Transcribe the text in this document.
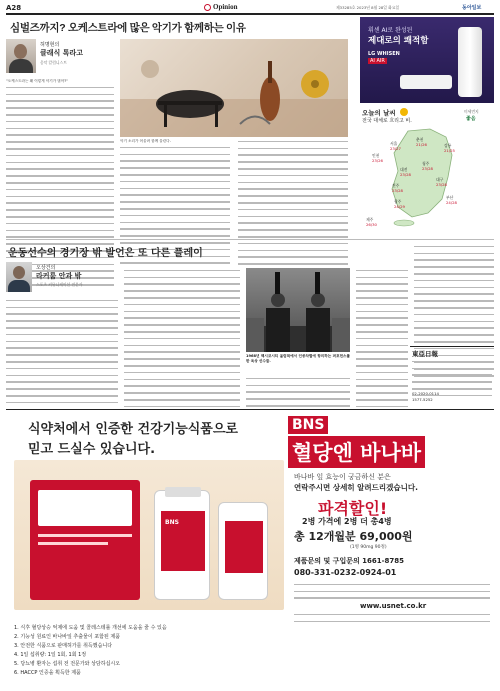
A28	Opinion	제33285호 2023년 8월 28일 화요일	동아일보
심벌즈까지? 오케스트라에 많은 악기가 함께하는 이유
허명현의
클래식 톡라고
음악 칼럼니스트
"오케스트라는 왜 이렇게 악기가 많아?"
악기 소리가 어울려 함께 울린다.
휘센 AI로 완성된
제대로의 쾌적함
LG WHISEN
AI AIR
오늘의 날씨
전국 대체로 흐리고 비.
미세먼지
좋음
서울
23/27
인천
23/26
춘천
21/26	강릉
21/25
대전
23/28
청주
23/28
전주
23/28
광주
24/29
대구
23/28
부산
24/28
제주
26/30
운동선수의 경기장 밖 발언은 또 다른 플레이
오상건의
라커룸 안과 밖
스포츠 커뮤니케이션 전문가
1968년 멕시코시티 올림픽에서 인종차별에 항의하는 퍼포먼스를 한 육상 선수들.
東亞日報
02-2020-0114
1577-5252
식약처에서 인증한 건강기능식품으로
믿고 드실수 있습니다.
BNS
BNS
혈당엔 바나바
바나바 잎 효능이 궁금하신 분은
연락주시면 상세히 알려드리겠습니다.
파격할인!
2병 가격에 2병 더 총4병
총 12개월분 69,000원
(1병 90mg 90정)
제품문의 및 구입문의 1661-8785
080-331-0232-0924-01
www.usnet.co.kr
1. 식후 혈당상승 억제에 도움 및 콜레스테롤 개선에 도움을 줄 수 있음
2. 기능성 원료인 바나바잎 추출물이 포함된 제품
3. 안전한 식품으로 판매허가를 취득했습니다
4. 1일 섭취량: 1일 1회, 1회 1정
5. 당뇨병 환자는 섭취 전 전문가와 상담하십시오
6. HACCP 인증을 획득한 제품
